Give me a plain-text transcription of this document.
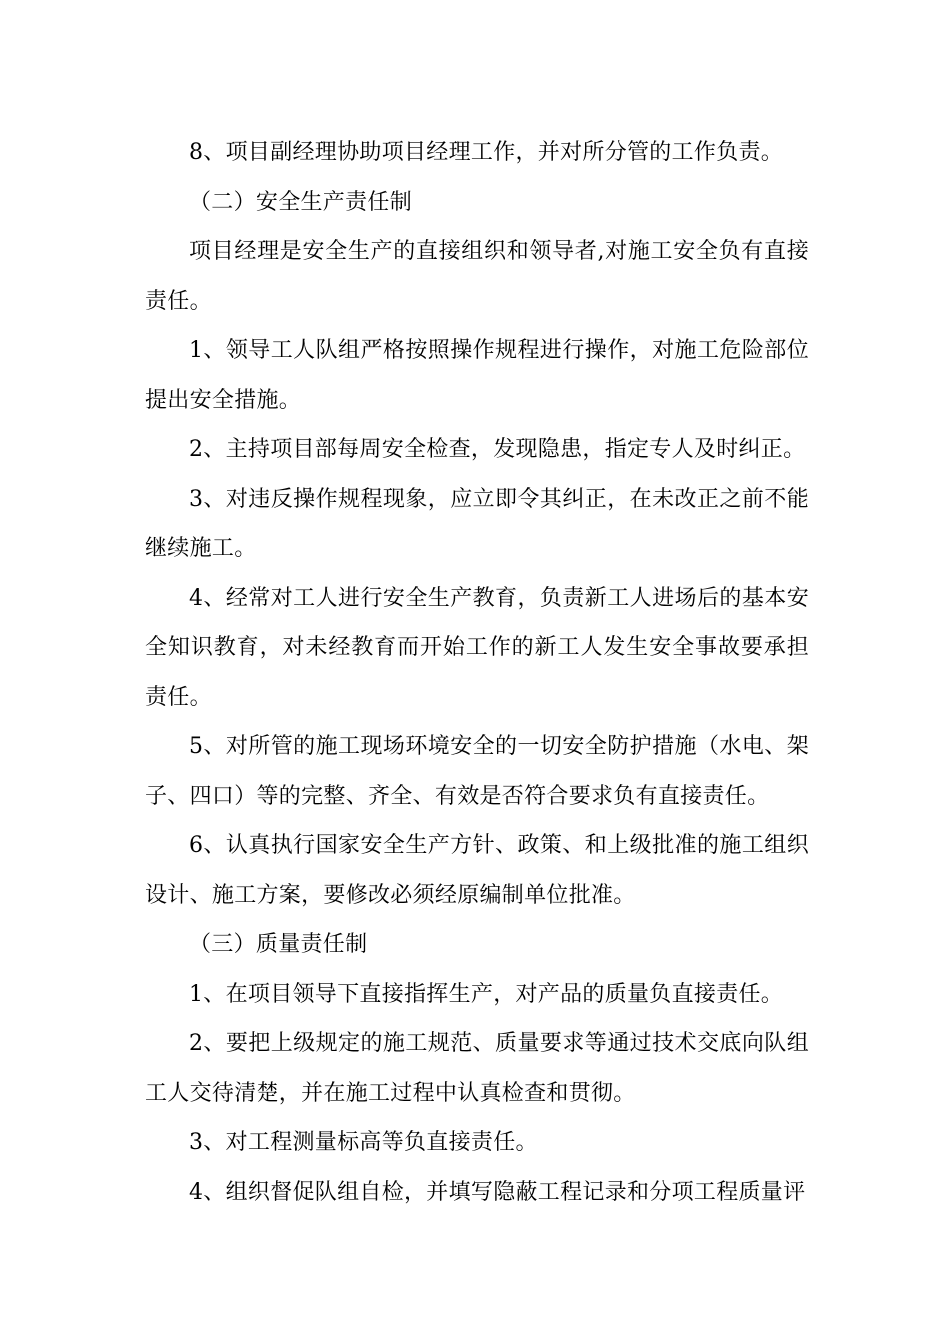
8、项目副经理协助项目经理工作，并对所分管的工作负责。

（二）安全生产责任制

项目经理是安全生产的直接组织和领导者,对施工安全负有直接责任。

1、领导工人队组严格按照操作规程进行操作，对施工危险部位提出安全措施。

2、主持项目部每周安全检查，发现隐患，指定专人及时纠正。

3、对违反操作规程现象，应立即令其纠正，在未改正之前不能继续施工。

4、经常对工人进行安全生产教育，负责新工人进场后的基本安全知识教育，对未经教育而开始工作的新工人发生安全事故要承担责任。

5、对所管的施工现场环境安全的一切安全防护措施（水电、架子、四口）等的完整、齐全、有效是否符合要求负有直接责任。

6、认真执行国家安全生产方针、政策、和上级批准的施工组织设计、施工方案，要修改必须经原编制单位批准。

（三）质量责任制

1、在项目领导下直接指挥生产，对产品的质量负直接责任。

2、要把上级规定的施工规范、质量要求等通过技术交底向队组工人交待清楚，并在施工过程中认真检查和贯彻。

3、对工程测量标高等负直接责任。

4、组织督促队组自检，并填写隐蔽工程记录和分项工程质量评
